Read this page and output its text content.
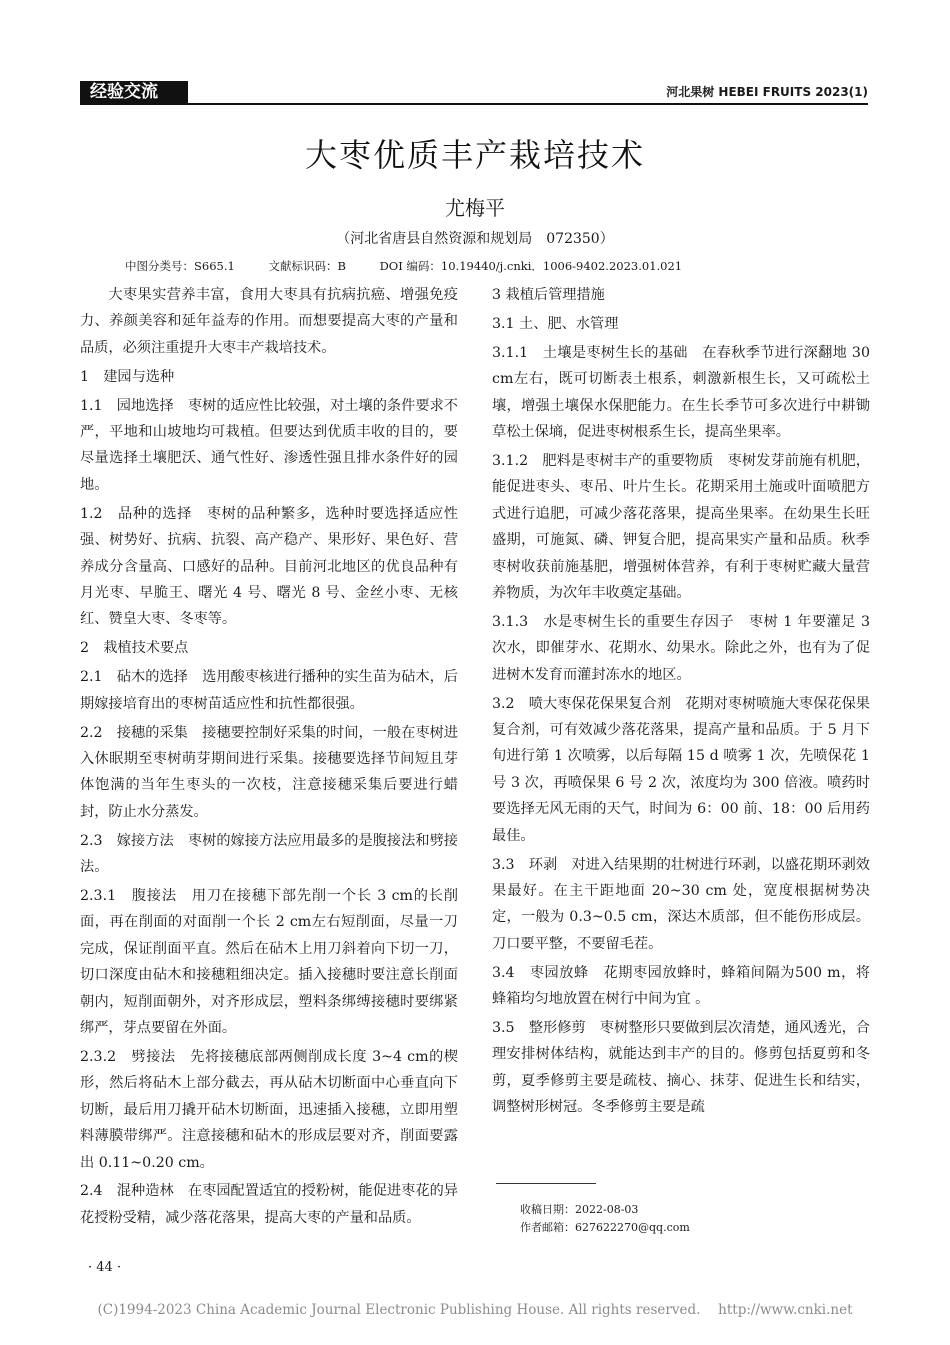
经验交流	河北果树 HEBEI FRUITS 2023(1)
大枣优质丰产栽培技术
尤梅平
（河北省唐县自然资源和规划局　072350）
中图分类号：S665.1	文献标识码：B	DOI 编码：10.19440/j.cnki．1006-9402.2023.01.021

大枣果实营养丰富，食用大枣具有抗病抗癌、增强免疫力、养颜美容和延年益寿的作用。而想要提高大枣的产量和品质，必须注重提升大枣丰产栽培技术。

1　建园与选种

1.1　园地选择 枣树的适应性比较强，对土壤的条件要求不严，平地和山坡地均可栽植。但要达到优质丰收的目的，要尽量选择土壤肥沃、通气性好、渗透性强且排水条件好的园地。

1.2　品种的选择 枣树的品种繁多，选种时要选择适应性强、树势好、抗病、抗裂、高产稳产、果形好、果色好、营养成分含量高、口感好的品种。目前河北地区的优良品种有月光枣、早脆王、曙光 4 号、曙光 8 号、金丝小枣、无核红、赞皇大枣、冬枣等。

2　栽植技术要点

2.1　砧木的选择 选用酸枣核进行播种的实生苗为砧木，后期嫁接培育出的枣树苗适应性和抗性都很强。

2.2　接穗的采集 接穗要控制好采集的时间，一般在枣树进入休眠期至枣树萌芽期间进行采集。接穗要选择节间短且芽体饱满的当年生枣头的一次枝，注意接穗采集后要进行蜡封，防止水分蒸发。

2.3　嫁接方法 枣树的嫁接方法应用最多的是腹接法和劈接法。

2.3.1　腹接法 用刀在接穗下部先削一个长 3 cm的长削面，再在削面的对面削一个长 2 cm左右短削面，尽量一刀完成，保证削面平直。然后在砧木上用刀斜着向下切一刀，切口深度由砧木和接穗粗细决定。插入接穗时要注意长削面朝内，短削面朝外，对齐形成层，塑料条绑缚接穗时要绑紧绑严，芽点要留在外面。

2.3.2　劈接法 先将接穗底部两侧削成长度 3~4 cm的楔形，然后将砧木上部分截去，再从砧木切断面中心垂直向下切断，最后用刀撬开砧木切断面，迅速插入接穗，立即用塑料薄膜带绑严。注意接穗和砧木的形成层要对齐，削面要露出 0.11~0.20 cm。

2.4　混种造林 在枣园配置适宜的授粉树，能促进枣花的异花授粉受精，减少落花落果，提高大枣的产量和品质。

3 栽植后管理措施

3.1 土、肥、水管理

3.1.1　土壤是枣树生长的基础 在春秋季节进行深翻地 30 cm左右，既可切断表土根系，刺激新根生长，又可疏松土壤，增强土壤保水保肥能力。在生长季节可多次进行中耕锄草松土保墒，促进枣树根系生长，提高坐果率。

3.1.2　肥料是枣树丰产的重要物质 枣树发芽前施有机肥，能促进枣头、枣吊、叶片生长。花期采用土施或叶面喷肥方式进行追肥，可减少落花落果，提高坐果率。在幼果生长旺盛期，可施氮、磷、钾复合肥，提高果实产量和品质。秋季枣树收获前施基肥，增强树体营养，有利于枣树贮藏大量营养物质，为次年丰收奠定基础。

3.1.3　水是枣树生长的重要生存因子 枣树 1 年要灌足 3 次水，即催芽水、花期水、幼果水。除此之外，也有为了促进树木发育而灌封冻水的地区。

3.2　喷大枣保花保果复合剂 花期对枣树喷施大枣保花保果复合剂，可有效减少落花落果，提高产量和品质。于 5 月下旬进行第 1 次喷雾，以后每隔 15 d 喷雾 1 次，先喷保花 1 号 3 次，再喷保果 6 号 2 次，浓度均为 300 倍液。喷药时要选择无风无雨的天气，时间为 6：00 前、18：00 后用药最佳。

3.3　环剥 对进入结果期的壮树进行环剥，以盛花期环剥效果最好。在主干距地面 20~30 cm 处，宽度根据树势决定，一般为 0.3~0.5 cm，深达木质部，但不能伤形成层。刀口要平整，不要留毛茬。

3.4　枣园放蜂 花期枣园放蜂时，蜂箱间隔为500 m，将蜂箱均匀地放置在树行中间为宜 。

3.5　整形修剪 枣树整形只要做到层次清楚，通风透光，合理安排树体结构，就能达到丰产的目的。修剪包括夏剪和冬剪，夏季修剪主要是疏枝、摘心、抹芽、促进生长和结实，调整树形树冠。冬季修剪主要是疏

收稿日期：2022-08-03
作者邮箱：627622270@qq.com
· 44 ·
(C)1994-2023 China Academic Journal Electronic Publishing House. All rights reserved.　 http://www.cnki.net
